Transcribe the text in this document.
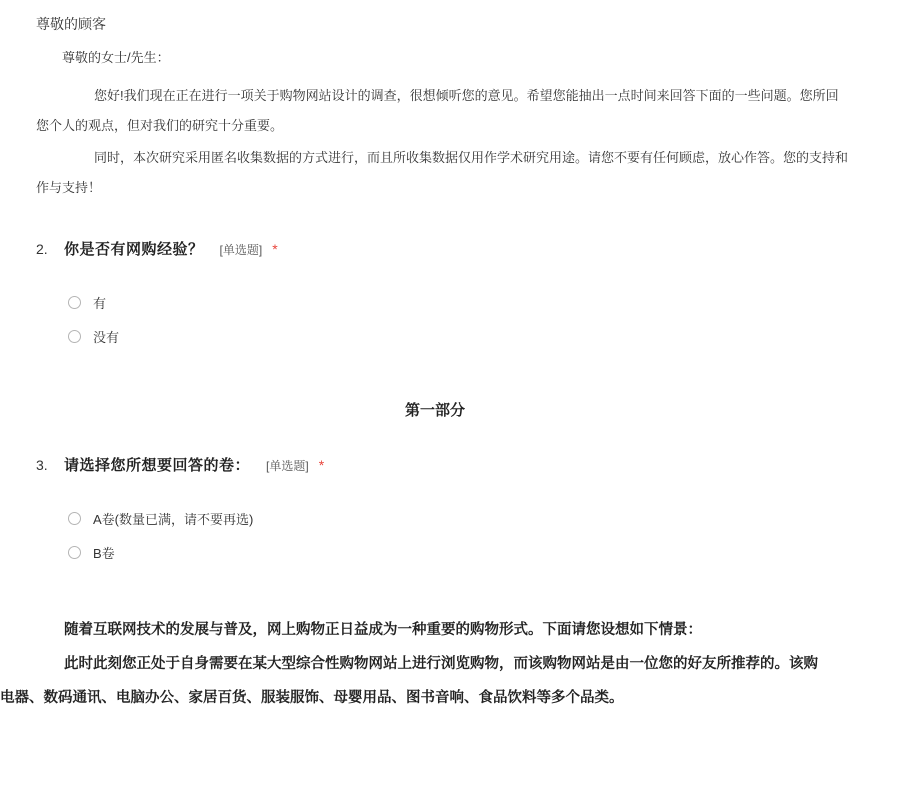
尊敬的顾客
尊敬的女士/先生：
您好!我们现在正在进行一项关于购物网站设计的调查，很想倾听您的意见。希望您能抽出一点时间来回答下面的一些问题。您所回
您个人的观点，但对我们的研究十分重要。
同时，本次研究采用匿名收集数据的方式进行，而且所收集数据仅用作学术研究用途。请您不要有任何顾虑，放心作答。您的支持和
作与支持！
2.	你是否有网购经验？ [单选题] *
有
没有
第一部分
3.	请选择您所想要回答的卷： [单选题] *
A卷(数量已满，请不要再选)
B卷

随着互联网技术的发展与普及，网上购物正日益成为一种重要的购物形式。下面请您设想如下情景：

此时此刻您正处于自身需要在某大型综合性购物网站上进行浏览购物，而该购物网站是由一位您的好友所推荐的。该购

电器、数码通讯、电脑办公、家居百货、服装服饰、母婴用品、图书音响、食品饮料等多个品类。
